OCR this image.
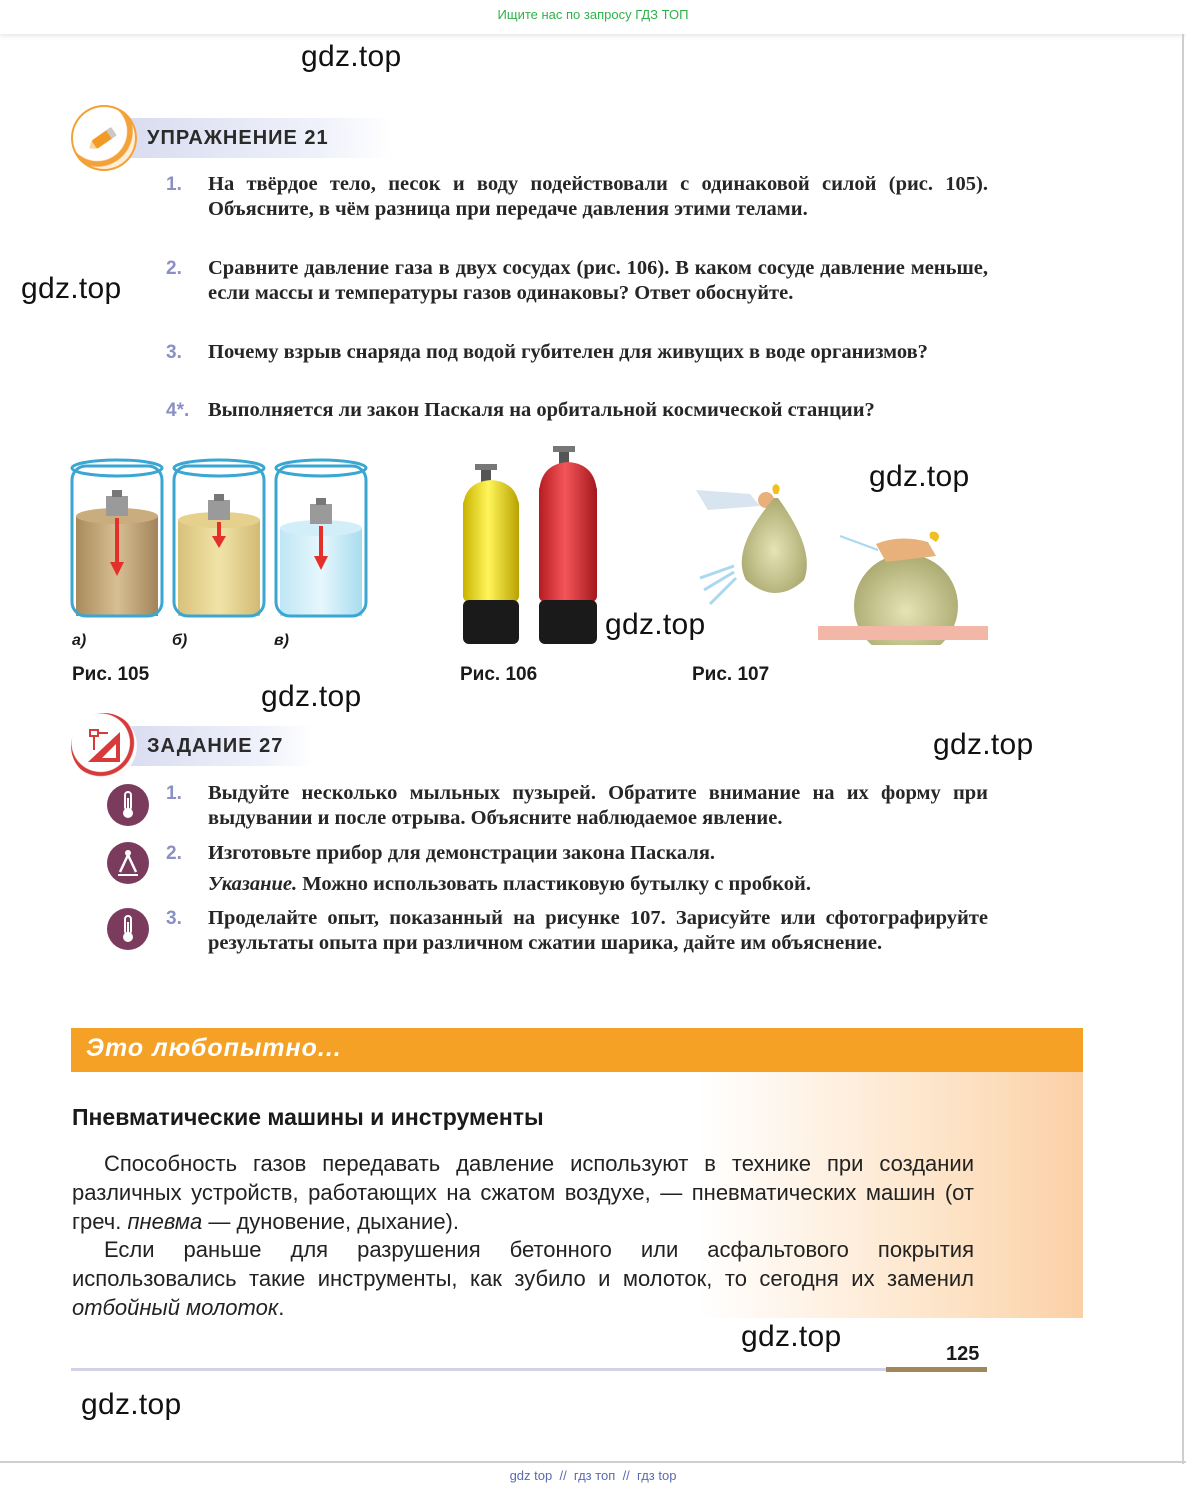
Ищите нас по запросу ГДЗ ТОП
gdz.top
gdz.top
gdz.top
gdz.top
gdz.top
gdz.top
gdz.top
gdz.top
УПРАЖНЕНИЕ 21
1.	На твёрдое тело, песок и воду подействовали с одинаковой силой (рис. 105). Объясните, в чём разница при передаче давления этими телами.
2.	Сравните давление газа в двух сосудах (рис. 106). В каком сосуде давление меньше, если массы и температуры газов одинаковы? Ответ обоснуйте.
3.	Почему взрыв снаряда под водой губителен для живущих в воде организмов?
4*. Выполняется ли закон Паскаля на орбитальной космической станции?
а)	б)	в)
Рис. 105	Рис. 106	Рис. 107
ЗАДАНИЕ 27
1.	Выдуйте несколько мыльных пузырей. Обратите внимание на их форму при выдувании и после отрыва. Объясните наблюдаемое явление.
2.	Изготовьте прибор для демонстрации закона Паскаля.
Указание. Можно использовать пластиковую бутылку с пробкой.
3.	Проделайте опыт, показанный на рисунке 107. Зарисуйте или сфотографируйте результаты опыта при различном сжатии шарика, дайте им объяснение.
Это любопытно...
Пневматические машины и инструменты
Способность газов передавать давление используют в технике при создании различных устройств, работающих на сжатом воздухе, — пневматических машин (от греч. пневма — дуновение, дыхание).
Если раньше для разрушения бетонного или асфальтового покрытия использовались такие инструменты, как зубило и молоток, то сегодня их заменил отбойный молоток.
125
gdz top // гдз топ // гдз top
